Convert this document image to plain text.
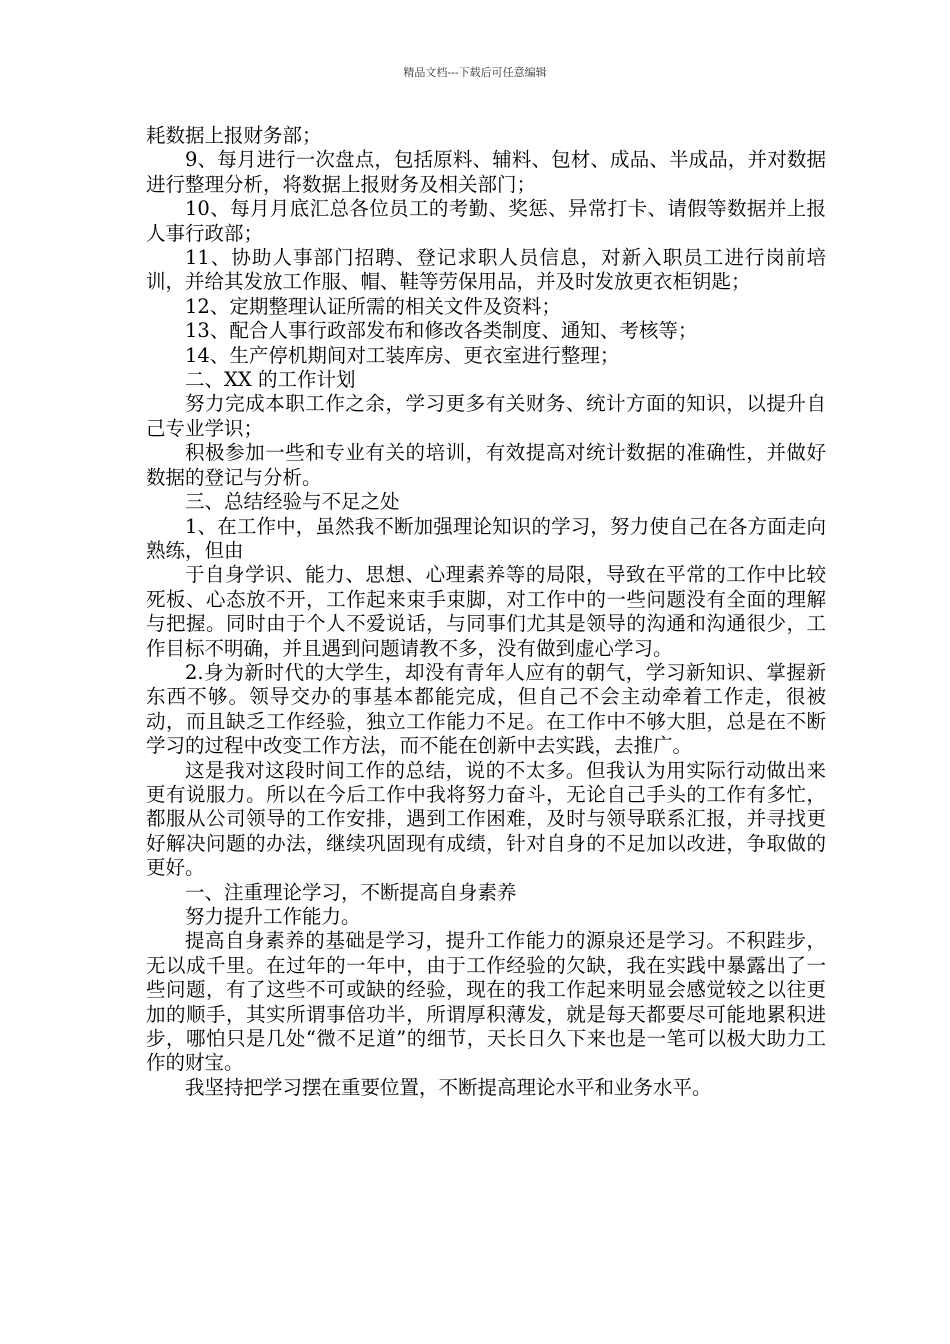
精品文档---下载后可任意编辑

耗数据上报财务部；

9、每月进行一次盘点，包括原料、辅料、包材、成品、半成品，并对数据进行整理分析，将数据上报财务及相关部门；

10、每月月底汇总各位员工的考勤、奖惩、异常打卡、请假等数据并上报人事行政部；

11、协助人事部门招聘、登记求职人员信息，对新入职员工进行岗前培训，并给其发放工作服、帽、鞋等劳保用品，并及时发放更衣柜钥匙；

12、定期整理认证所需的相关文件及资料；

13、配合人事行政部发布和修改各类制度、通知、考核等；

14、生产停机期间对工装库房、更衣室进行整理；

二、XX 的工作计划

努力完成本职工作之余，学习更多有关财务、统计方面的知识，以提升自己专业学识；

积极参加一些和专业有关的培训，有效提高对统计数据的准确性，并做好数据的登记与分析。

三、总结经验与不足之处

1、在工作中，虽然我不断加强理论知识的学习，努力使自己在各方面走向熟练，但由

于自身学识、能力、思想、心理素养等的局限，导致在平常的工作中比较死板、心态放不开，工作起来束手束脚，对工作中的一些问题没有全面的理解与把握。同时由于个人不爱说话，与同事们尤其是领导的沟通和沟通很少，工作目标不明确，并且遇到问题请教不多，没有做到虚心学习。

2.身为新时代的大学生，却没有青年人应有的朝气，学习新知识、掌握新东西不够。领导交办的事基本都能完成，但自己不会主动牵着工作走，很被动，而且缺乏工作经验，独立工作能力不足。在工作中不够大胆，总是在不断学习的过程中改变工作方法，而不能在创新中去实践，去推广。

这是我对这段时间工作的总结，说的不太多。但我认为用实际行动做出来更有说服力。所以在今后工作中我将努力奋斗，无论自己手头的工作有多忙，都服从公司领导的工作安排，遇到工作困难，及时与领导联系汇报，并寻找更好解决问题的办法，继续巩固现有成绩，针对自身的不足加以改进，争取做的更好。

一、注重理论学习，不断提高自身素养

努力提升工作能力。

提高自身素养的基础是学习，提升工作能力的源泉还是学习。不积跬步，无以成千里。在过年的一年中，由于工作经验的欠缺，我在实践中暴露出了一些问题，有了这些不可或缺的经验，现在的我工作起来明显会感觉较之以往更加的顺手，其实所谓事倍功半，所谓厚积薄发，就是每天都要尽可能地累积进步，哪怕只是几处“微不足道”的细节，天长日久下来也是一笔可以极大助力工作的财宝。

我坚持把学习摆在重要位置，不断提高理论水平和业务水平。
